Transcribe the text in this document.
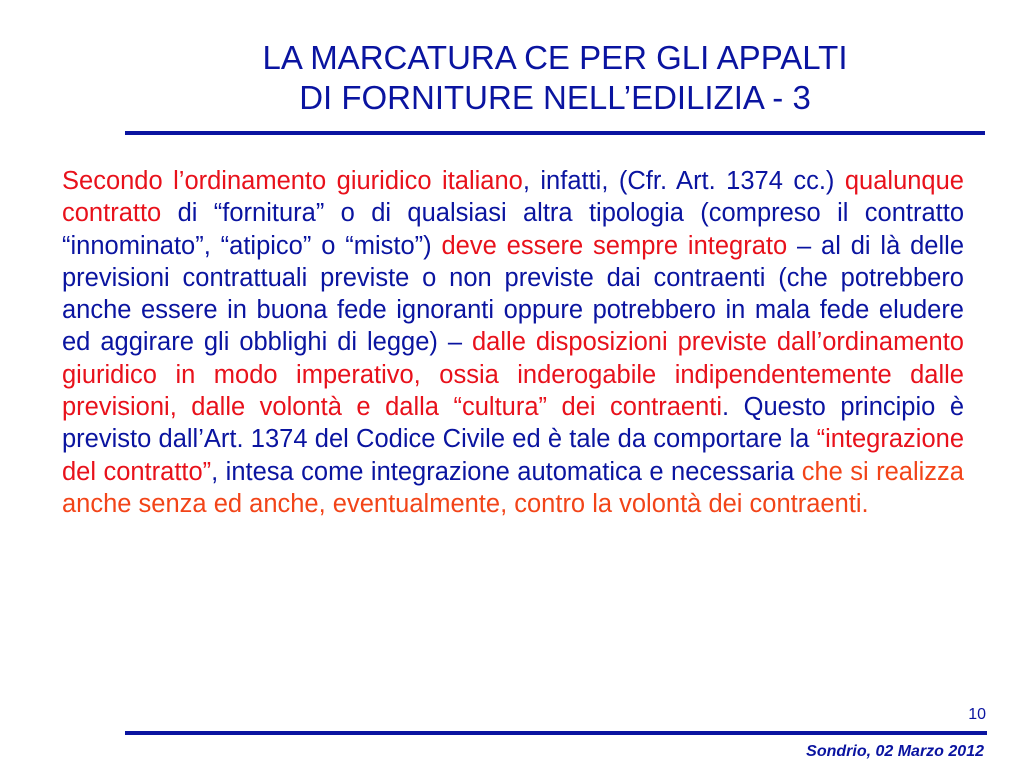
LA MARCATURA CE PER GLI APPALTI
DI FORNITURE NELL’EDILIZIA - 3
Secondo l’ordinamento giuridico italiano, infatti, (Cfr. Art. 1374 cc.) qualunque contratto di “fornitura” o di qualsiasi altra tipologia (compreso il contratto “innominato”, “atipico” o “misto”) deve essere sempre integrato – al di là delle previsioni contrattuali previste o non previste dai contraenti (che potrebbero anche essere in buona fede ignoranti oppure potrebbero in mala fede eludere ed aggirare gli obblighi di legge) – dalle disposizioni previste dall’ordinamento giuridico in modo imperativo, ossia inderogabile indipendentemente dalle previsioni, dalle volontà e dalla “cultura” dei contraenti. Questo principio è previsto dall’Art. 1374 del Codice Civile ed è tale da comportare la “integrazione del contratto”, intesa come integrazione automatica e necessaria che si realizza anche senza ed anche, eventualmente, contro la volontà dei contraenti.
10
Sondrio, 02 Marzo 2012
